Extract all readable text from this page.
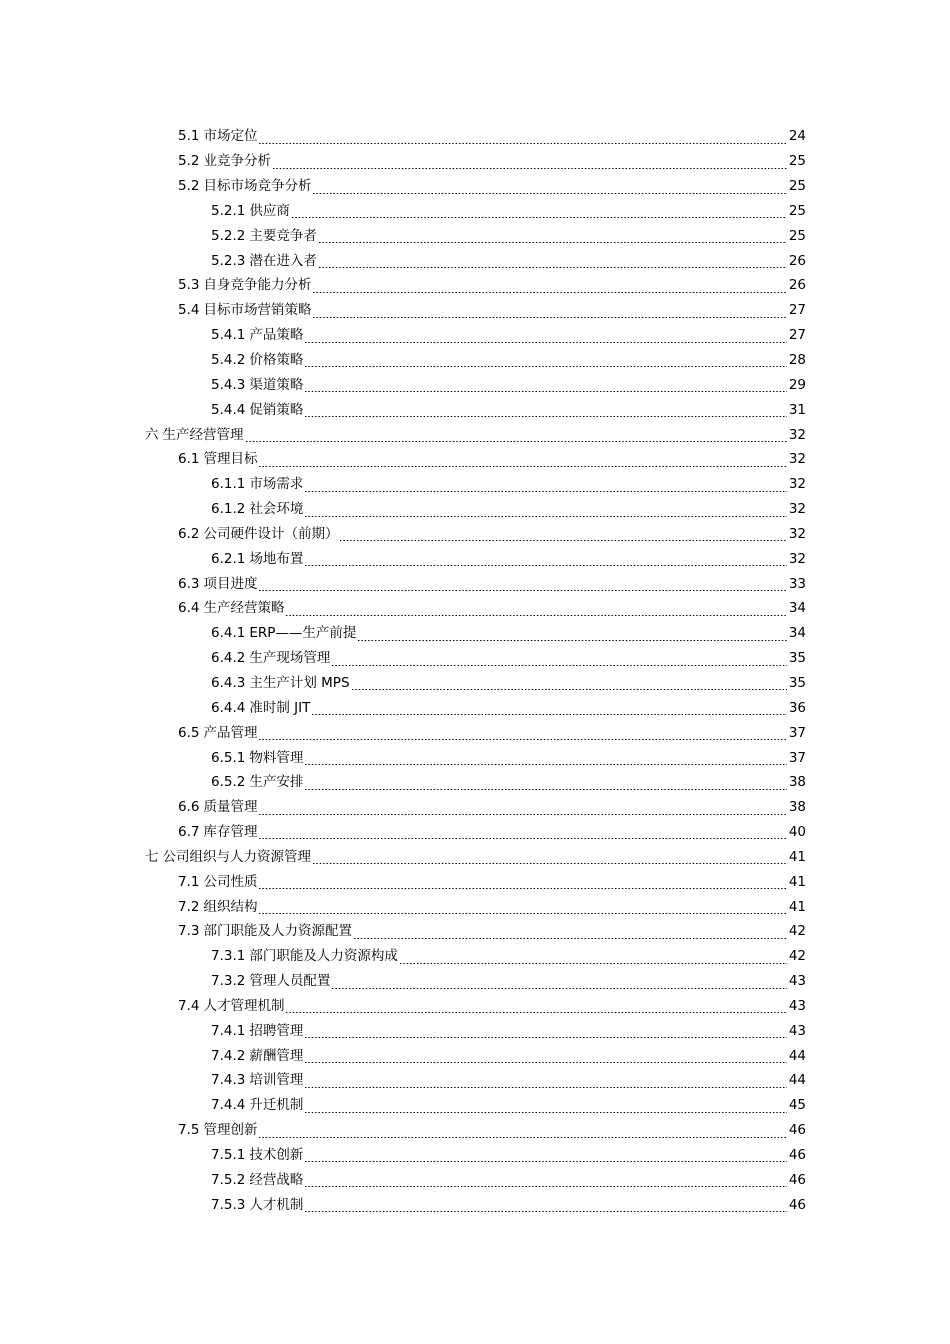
5.1 市场定位	24
5.2 业竞争分析	25
5.2 目标市场竞争分析	25
5.2.1 供应商	25
5.2.2 主要竞争者	25
5.2.3 潜在进入者	26
5.3 自身竞争能力分析	26
5.4 目标市场营销策略	27
5.4.1 产品策略	27
5.4.2 价格策略	28
5.4.3 渠道策略	29
5.4.4 促销策略	31
六 生产经营管理	32
6.1 管理目标	32
6.1.1 市场需求	32
6.1.2 社会环境	32
6.2 公司硬件设计（前期）	32
6.2.1 场地布置	32
6.3 项目进度	33
6.4 生产经营策略	34
6.4.1 ERP——生产前提	34
6.4.2 生产现场管理	35
6.4.3 主生产计划 MPS	35
6.4.4 准时制 JIT	36
6.5 产品管理	37
6.5.1 物料管理	37
6.5.2 生产安排	38
6.6 质量管理	38
6.7 库存管理	40
七 公司组织与人力资源管理	41
7.1 公司性质	41
7.2 组织结构	41
7.3 部门职能及人力资源配置	42
7.3.1 部门职能及人力资源构成	42
7.3.2 管理人员配置	43
7.4 人才管理机制	43
7.4.1 招聘管理	43
7.4.2 薪酬管理	44
7.4.3 培训管理	44
7.4.4 升迁机制	45
7.5 管理创新	46
7.5.1 技术创新	46
7.5.2 经营战略	46
7.5.3 人才机制	46
